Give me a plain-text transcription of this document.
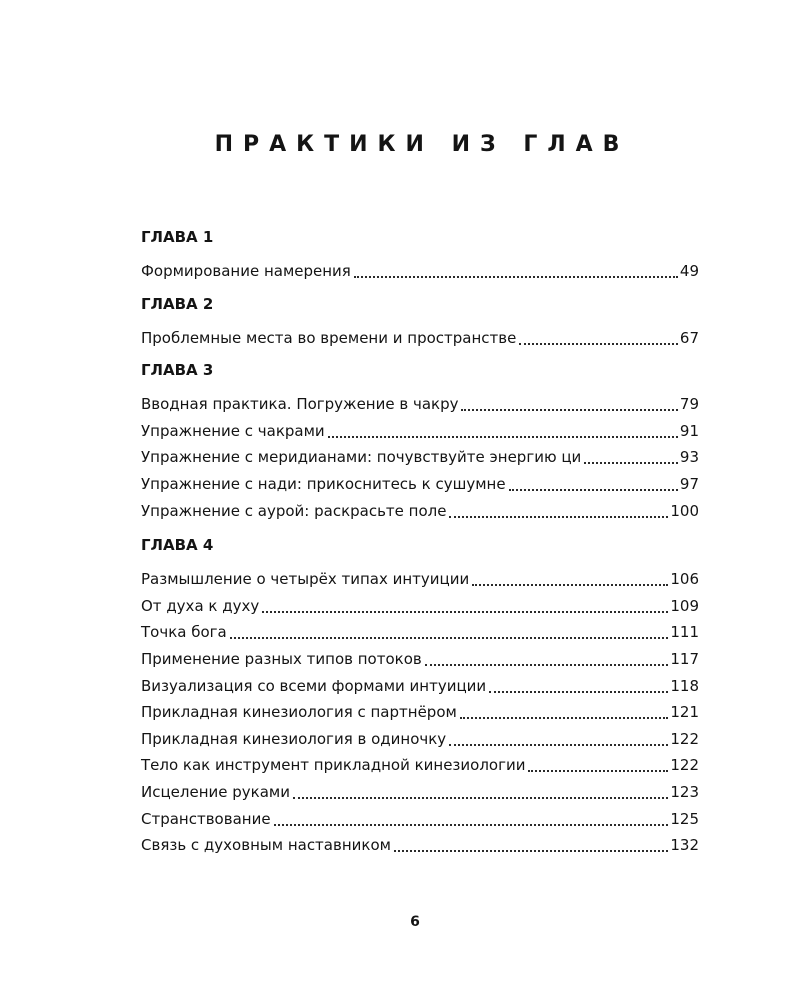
ПРАКТИКИ ИЗ ГЛАВ
ГЛАВА 1
Формирование намерения	49
ГЛАВА 2
Проблемные места во времени и пространстве	67
ГЛАВА 3
Вводная практика. Погружение в чакру	79
Упражнение с чакрами	91
Упражнение с меридианами: почувствуйте энергию ци	93
Упражнение с нади: прикоснитесь к сушумне	97
Упражнение с аурой: раскрасьте поле	100
ГЛАВА 4
Размышление о четырёх типах интуиции	106
От духа к духу	109
Точка бога	111
Применение разных типов потоков	117
Визуализация со всеми формами интуиции	118
Прикладная кинезиология с партнёром	121
Прикладная кинезиология в одиночку	122
Тело как инструмент прикладной кинезиологии	122
Исцеление руками	123
Странствование	125
Связь с духовным наставником	132
6
